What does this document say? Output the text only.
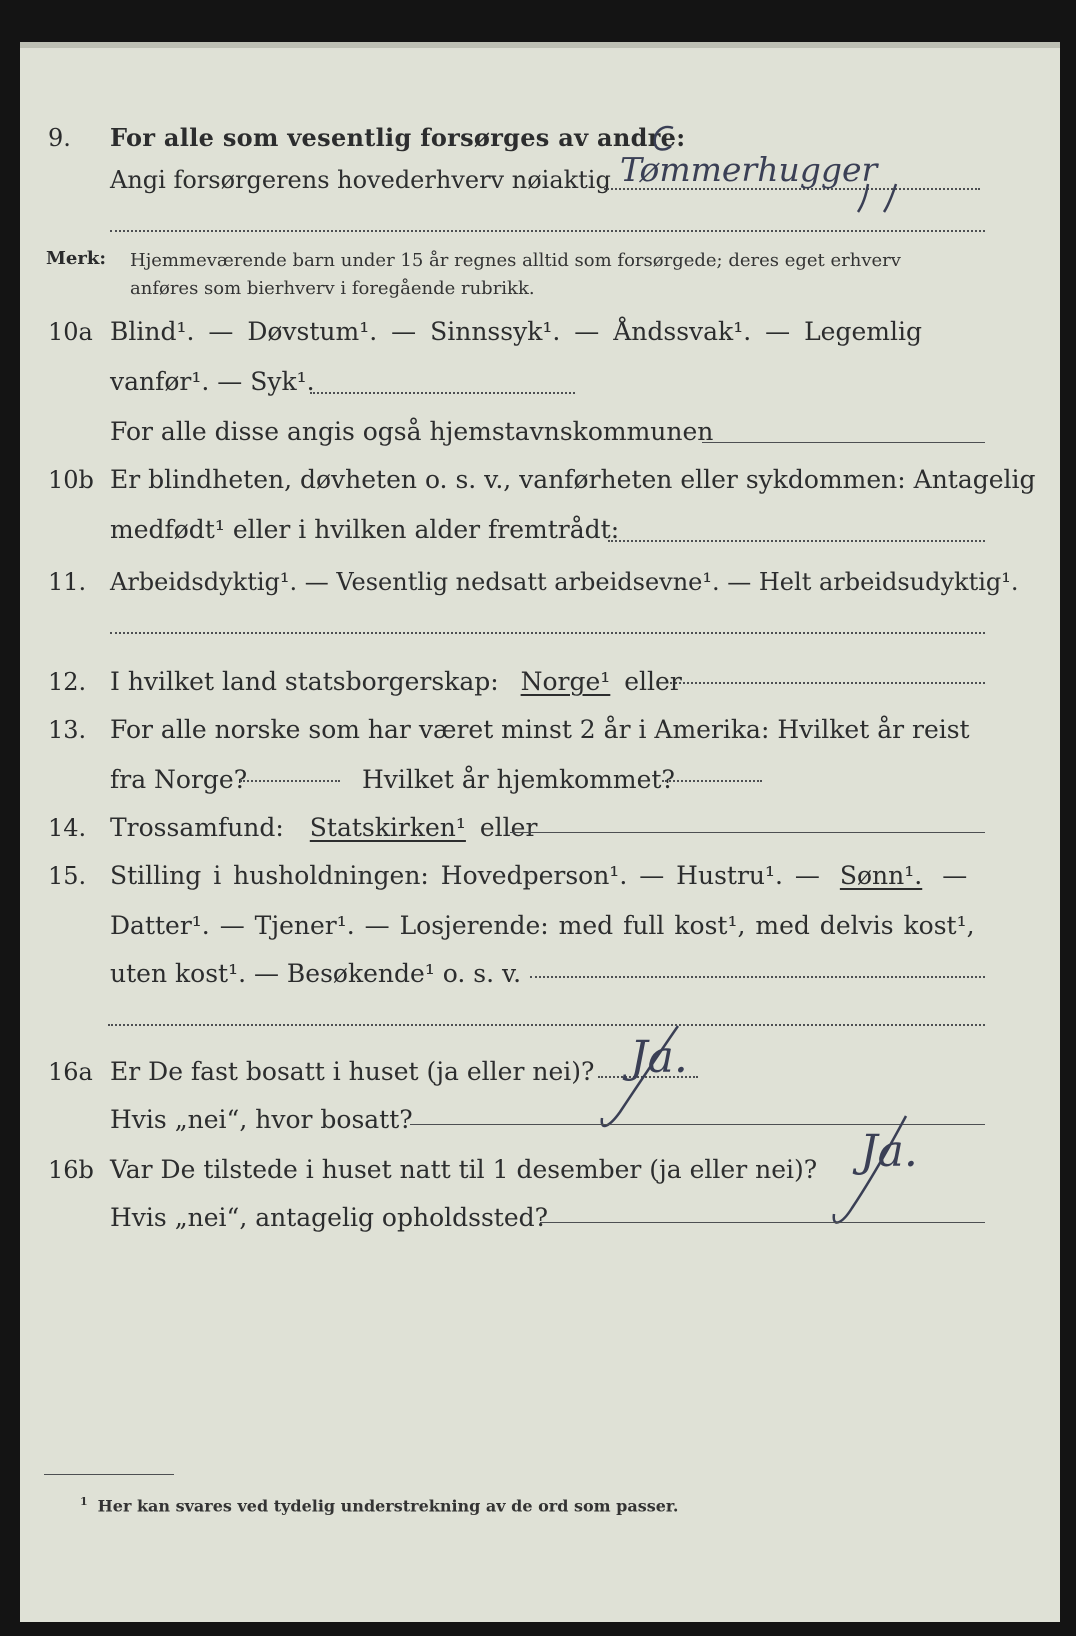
9. For alle som vesentlig forsørges av andre:
Angi forsørgerens hovederhverv nøiaktig Tømmerhugger
Merk: Hjemmeværende barn under 15 år regnes alltid som forsørgede; deres eget erhverv
anføres som bierhverv i foregående rubrikk.
10a Blind¹. — Døvstum¹. — Sinnssyk¹. — Åndssvak¹. — Legemlig
vanfør¹. — Syk¹.
For alle disse angis også hjemstavnskommunen
10b Er blindheten, døvheten o. s. v., vanførheten eller sykdommen: Antagelig
medfødt¹ eller i hvilken alder fremtrådt:
11. Arbeidsdyktig¹. — Vesentlig nedsatt arbeidsevne¹. — Helt arbeidsudyktig¹.
12. I hvilket land statsborgerskap: Norge¹ eller
13. For alle norske som har været minst 2 år i Amerika: Hvilket år reist
fra Norge?	Hvilket år hjemkommet?
14. Trossamfund: Statskirken¹ eller
15. Stilling i husholdningen: Hovedperson¹. — Hustru¹. — Sønn¹. —
Datter¹. — Tjener¹. — Losjerende: med full kost¹, med delvis kost¹,
uten kost¹. — Besøkende¹ o. s. v.
16a Er De fast bosatt i huset (ja eller nei)? Ja.
Hvis „nei“, hvor bosatt?
16b Var De tilstede i huset natt til 1 desember (ja eller nei)? Ja.
Hvis „nei“, antagelig opholdssted?
$^1$ Her kan svares ved tydelig understrekning av de ord som passer.
